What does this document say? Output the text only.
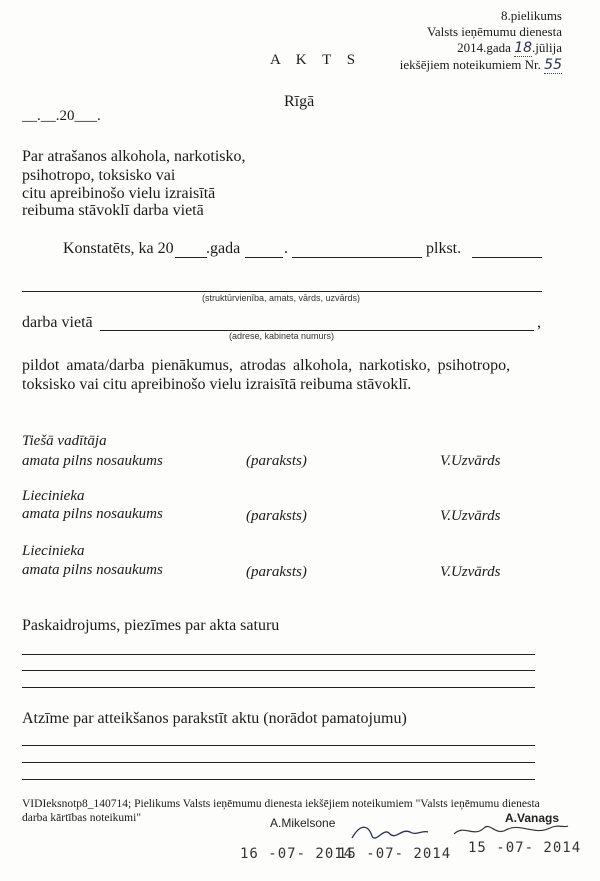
8.pielikums
Valsts ieņēmumu dienesta
2014.gada 18.jūlija
iekšējiem noteikumiem Nr. 55
A K T S
Rīgā
__.__.20___.
Par atrašanos alkohola, narkotisko,
psihotropo, toksisko vai
citu apreibinošo vielu izraisītā
reibuma stāvoklī darba vietā
Konstatēts, ka 20 .gada	.	plkst.
(struktūrvienība, amats, vārds, uzvārds)
darba vietā	,
(adrese, kabineta numurs)
pildot amata/darba pienākumus, atrodas alkohola, narkotisko, psihotropo,
toksisko vai citu apreibinošo vielu izraisītā reibuma stāvoklī.
Tiešā vadītāja
amata pilns nosaukums	(paraksts)	V.Uzvārds
Liecinieka
amata pilns nosaukums	(paraksts)	V.Uzvārds
Liecinieka
amata pilns nosaukums	(paraksts)	V.Uzvārds
Paskaidrojums, piezīmes par akta saturu
Atzīme par atteikšanos parakstīt aktu (norādot pamatojumu)
VIDIeksnotp8_140714; Pielikums Valsts ieņēmumu dienesta iekšējiem noteikumiem "Valsts ieņēmumu dienesta
darba kārtības noteikumi"	A.Mikelsone	A.Vanags
16 -07- 2014
15 -07- 2014 15 -07- 2014
